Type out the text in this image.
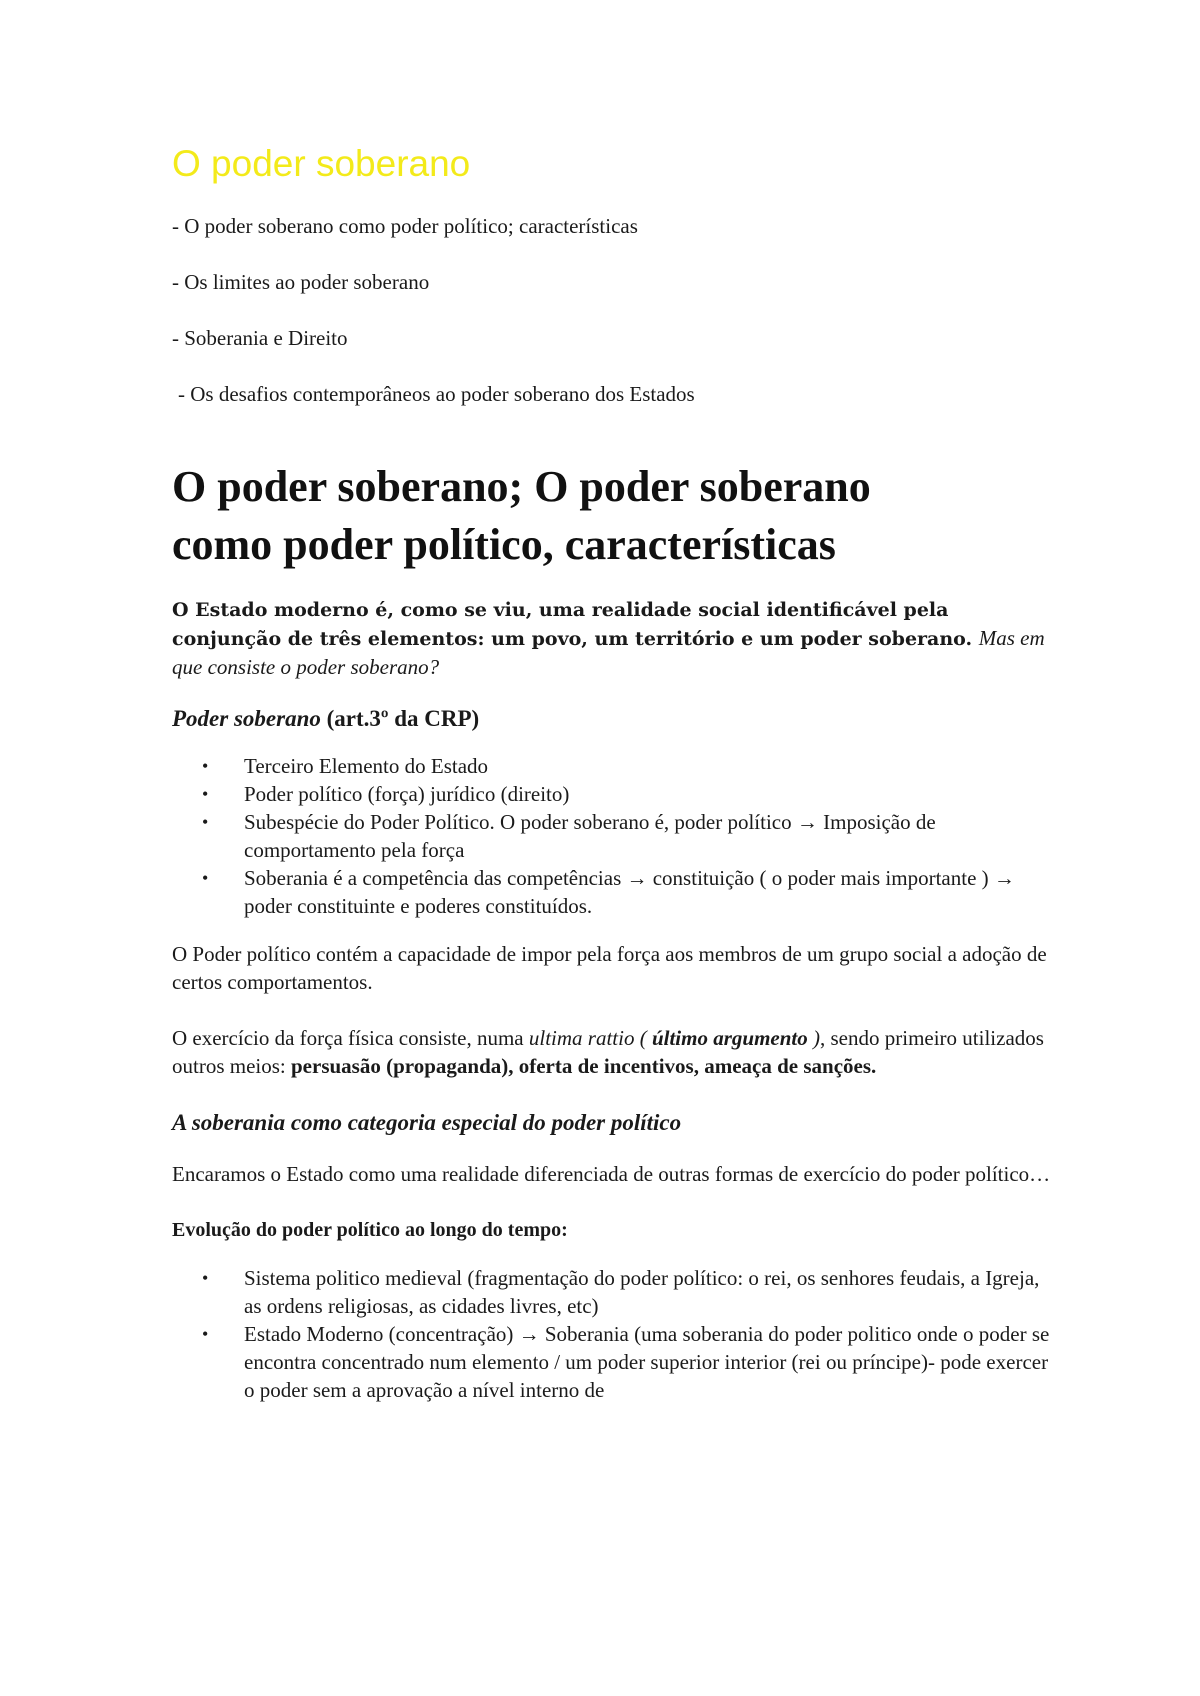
O poder soberano

- O poder soberano como poder político; características

- Os limites ao poder soberano

- Soberania e Direito

- Os desafios contemporâneos ao poder soberano dos Estados

O poder soberano; O poder soberano
como poder político, características

O Estado moderno é, como se viu, uma realidade social identificável pela conjunção de três elementos: um povo, um território e um poder soberano. Mas em que consiste o poder soberano?

Poder soberano (art.3º da CRP)
• Terceiro Elemento do Estado
• Poder político (força) jurídico (direito)
• Subespécie do Poder Político. O poder soberano é, poder político → Imposição de comportamento pela força
• Soberania é a competência das competências → constituição ( o poder mais importante ) → poder constituinte e poderes constituídos.

O Poder político contém a capacidade de impor pela força aos membros de um grupo social a adoção de certos comportamentos.

O exercício da força física consiste, numa ultima rattio ( último argumento ), sendo primeiro utilizados outros meios: persuasão (propaganda), oferta de incentivos, ameaça de sanções.

A soberania como categoria especial do poder político

Encaramos o Estado como uma realidade diferenciada de outras formas de exercício do poder político…

Evolução do poder político ao longo do tempo:
• Sistema politico medieval (fragmentação do poder político: o rei, os senhores feudais, a Igreja, as ordens religiosas, as cidades livres, etc)
• Estado Moderno (concentração) → Soberania (uma soberania do poder politico onde o poder se encontra concentrado num elemento / um poder superior interior (rei ou príncipe)- pode exercer o poder sem a aprovação a nível interno de
